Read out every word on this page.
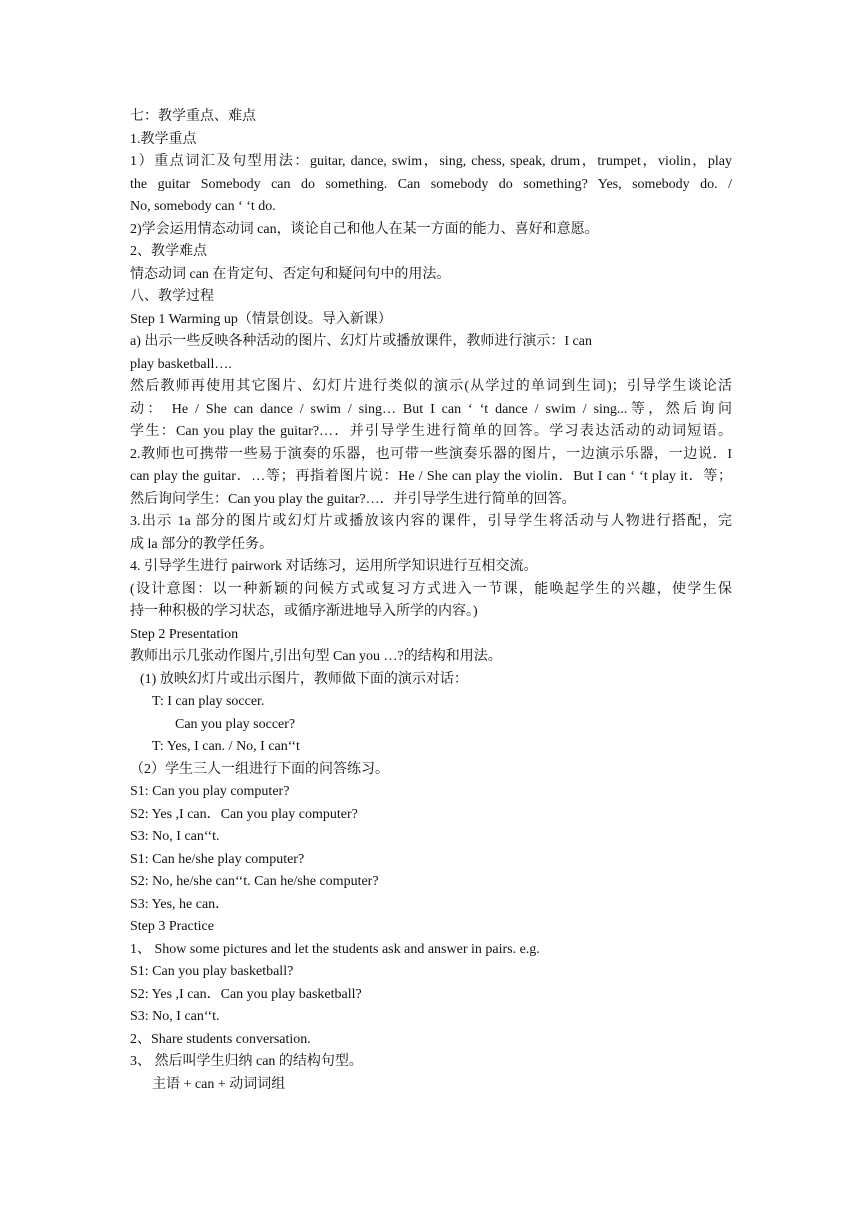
七：教学重点、难点
1.教学重点
1）重点词汇及句型用法：guitar, dance, swim，sing, chess, speak, drum，trumpet，violin，play
the guitar Somebody can do something. Can somebody do something? Yes, somebody do. /
No, somebody can ‘ ‘t do.
2)学会运用情态动词 can，谈论自己和他人在某一方面的能力、喜好和意愿。
2、教学难点
情态动词 can 在肯定句、否定句和疑问句中的用法。
八、教学过程
Step 1 Warming up（情景创设。导入新课）
a) 出示一些反映各种活动的图片、幻灯片或播放课件，教师进行演示：I can
play basketball….
然后教师再使用其它图片、幻灯片进行类似的演示(从学过的单词到生词)；引导学生谈论活
动： He / She can dance / swim / sing… But I can ‘ ‘t dance / swim / sing...等，然后询问
学生：Can you play the guitar?…．并引导学生进行简单的回答。学习表达活动的动词短语。
2.教师也可携带一些易于演奏的乐器，也可带一些演奏乐器的图片，一边演示乐器，一边说．I
can play the guitar．…等；再指着图片说：He / She can play the violin．But I can ‘ ‘t play it．等；
然后询问学生：Can you play the guitar?…．并引导学生进行简单的回答。
3.出示 1a 部分的图片或幻灯片或播放该内容的课件，引导学生将活动与人物进行搭配，完
成 la 部分的教学任务。
4. 引导学生进行 pairwork 对话练习，运用所学知识进行互相交流。
(设计意图：以一种新颖的问候方式或复习方式进入一节课，能唤起学生的兴趣，使学生保
持一种积极的学习状态，或循序渐进地导入所学的内容。)
Step 2 Presentation
教师出示几张动作图片,引出句型 Can you …?的结构和用法。
(1) 放映幻灯片或出示图片，教师做下面的演示对话：
T: I can play soccer.
Can you play soccer?
T: Yes, I can. / No, I can‘‘t
（2）学生三人一组进行下面的问答练习。
S1: Can you play computer?
S2: Yes ,I can．Can you play computer?
S3: No, I can‘‘t.
S1: Can he/she play computer?
S2: No, he/she can‘‘t. Can he/she computer?
S3: Yes, he can．
Step 3 Practice
1、 Show some pictures and let the students ask and answer in pairs. e.g.
S1: Can you play basketball?
S2: Yes ,I can．Can you play basketball?
S3: No, I can‘‘t.
2、Share students conversation.
3、 然后叫学生归纳 can 的结构句型。
主语 + can + 动词词组
